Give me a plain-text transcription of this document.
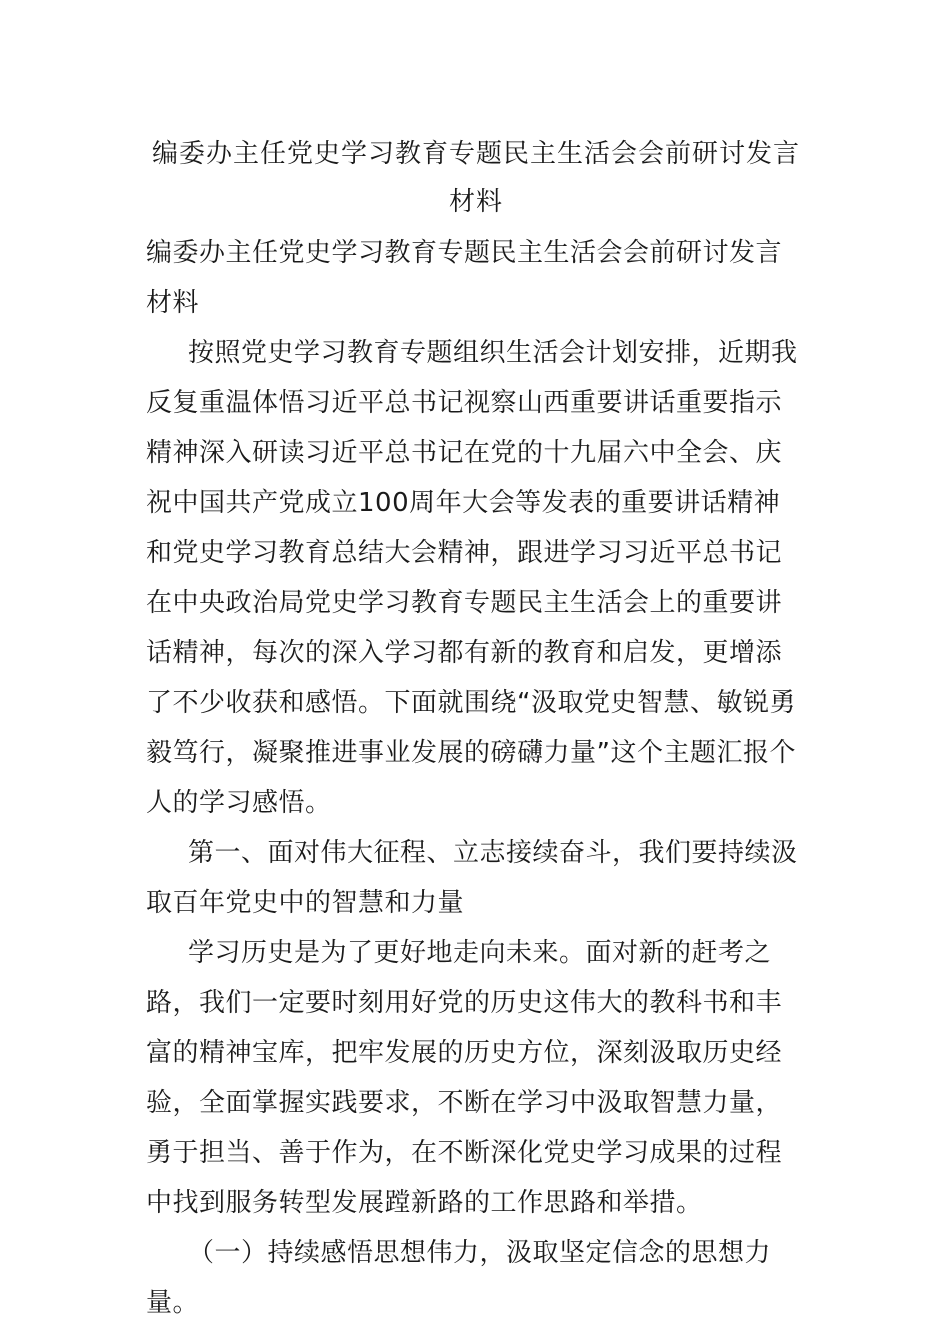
编委办主任党史学习教育专题民主生活会会前研讨发言材料

编委办主任党史学习教育专题民主生活会会前研讨发言材料

按照党史学习教育专题组织生活会计划安排，近期我反复重温体悟习近平总书记视察山西重要讲话重要指示精神深入研读习近平总书记在党的十九届六中全会、庆祝中国共产党成立100周年大会等发表的重要讲话精神和党史学习教育总结大会精神，跟进学习习近平总书记在中央政治局党史学习教育专题民主生活会上的重要讲话精神，每次的深入学习都有新的教育和启发，更增添了不少收获和感悟。下面就围绕“汲取党史智慧、敏锐勇毅笃行，凝聚推进事业发展的磅礴力量”这个主题汇报个人的学习感悟。

第一、面对伟大征程、立志接续奋斗，我们要持续汲取百年党史中的智慧和力量

学习历史是为了更好地走向未来。面对新的赶考之路，我们一定要时刻用好党的历史这伟大的教科书和丰富的精神宝库，把牢发展的历史方位，深刻汲取历史经验，全面掌握实践要求，不断在学习中汲取智慧力量，勇于担当、善于作为，在不断深化党史学习成果的过程中找到服务转型发展蹚新路的工作思路和举措。

（一）持续感悟思想伟力，汲取坚定信念的思想力量。
